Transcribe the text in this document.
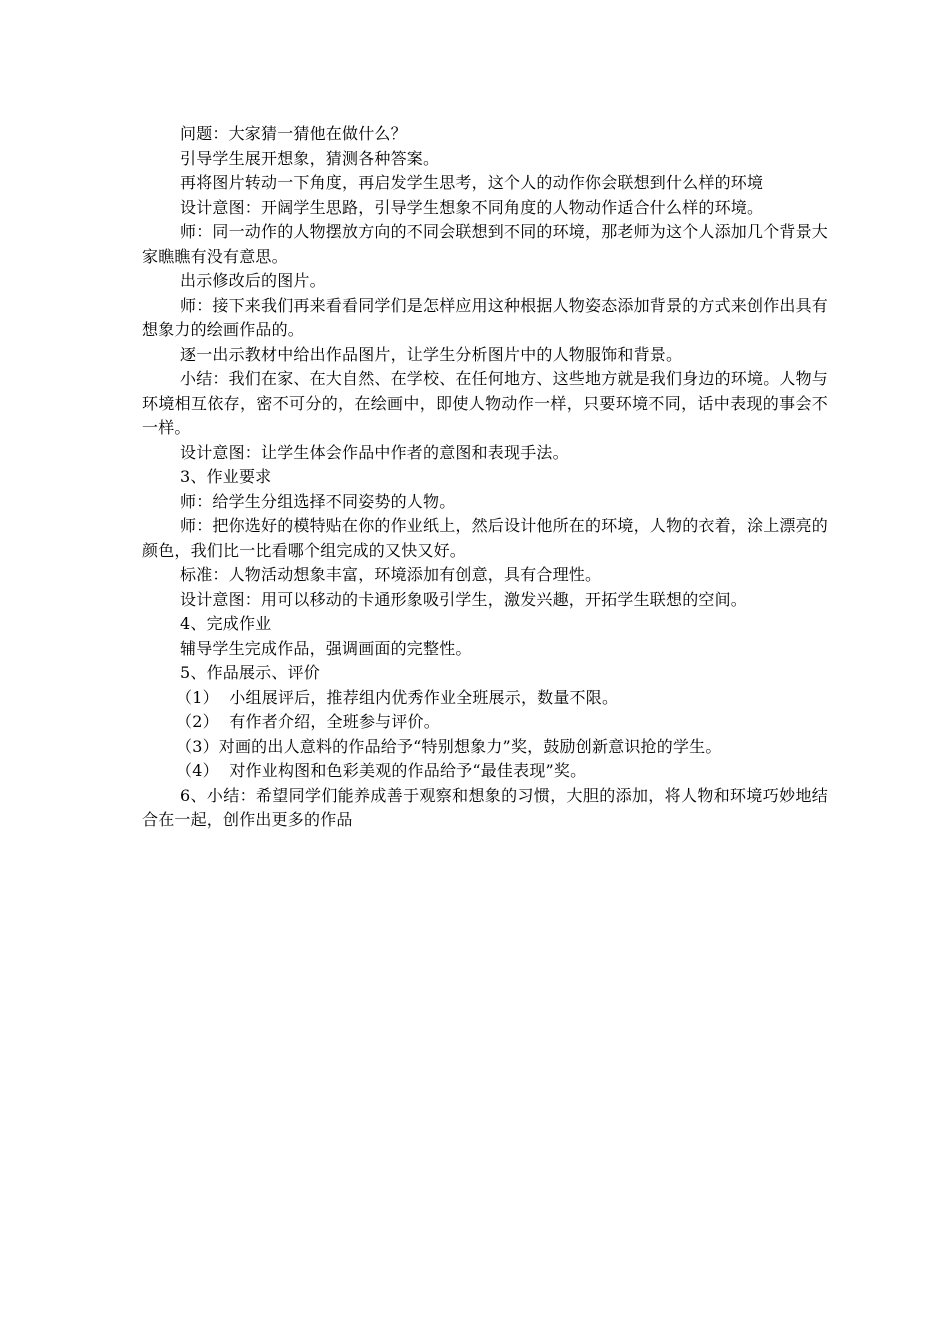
问题：大家猜一猜他在做什么？

引导学生展开想象，猜测各种答案。

再将图片转动一下角度，再启发学生思考，这个人的动作你会联想到什么样的环境

设计意图：开阔学生思路，引导学生想象不同角度的人物动作适合什么样的环境。

师：同一动作的人物摆放方向的不同会联想到不同的环境，那老师为这个人添加几个背景大家瞧瞧有没有意思。

出示修改后的图片。

师：接下来我们再来看看同学们是怎样应用这种根据人物姿态添加背景的方式来创作出具有想象力的绘画作品的。

逐一出示教材中给出作品图片，让学生分析图片中的人物服饰和背景。

小结：我们在家、在大自然、在学校、在任何地方、这些地方就是我们身边的环境。人物与环境相互依存，密不可分的，在绘画中，即使人物动作一样，只要环境不同，话中表现的事会不一样。

设计意图：让学生体会作品中作者的意图和表现手法。

3、作业要求

师：给学生分组选择不同姿势的人物。

师：把你选好的模特贴在你的作业纸上，然后设计他所在的环境，人物的衣着，涂上漂亮的颜色，我们比一比看哪个组完成的又快又好。

标准：人物活动想象丰富，环境添加有创意，具有合理性。

设计意图：用可以移动的卡通形象吸引学生，激发兴趣，开拓学生联想的空间。

4、完成作业

辅导学生完成作品，强调画面的完整性。

5、作品展示、评价

（1）  小组展评后，推荐组内优秀作业全班展示，数量不限。

（2）  有作者介绍，全班参与评价。

（3）对画的出人意料的作品给予“特别想象力”奖，鼓励创新意识抢的学生。

（4）  对作业构图和色彩美观的作品给予“最佳表现”奖。

6、小结：希望同学们能养成善于观察和想象的习惯，大胆的添加，将人物和环境巧妙地结合在一起，创作出更多的作品
